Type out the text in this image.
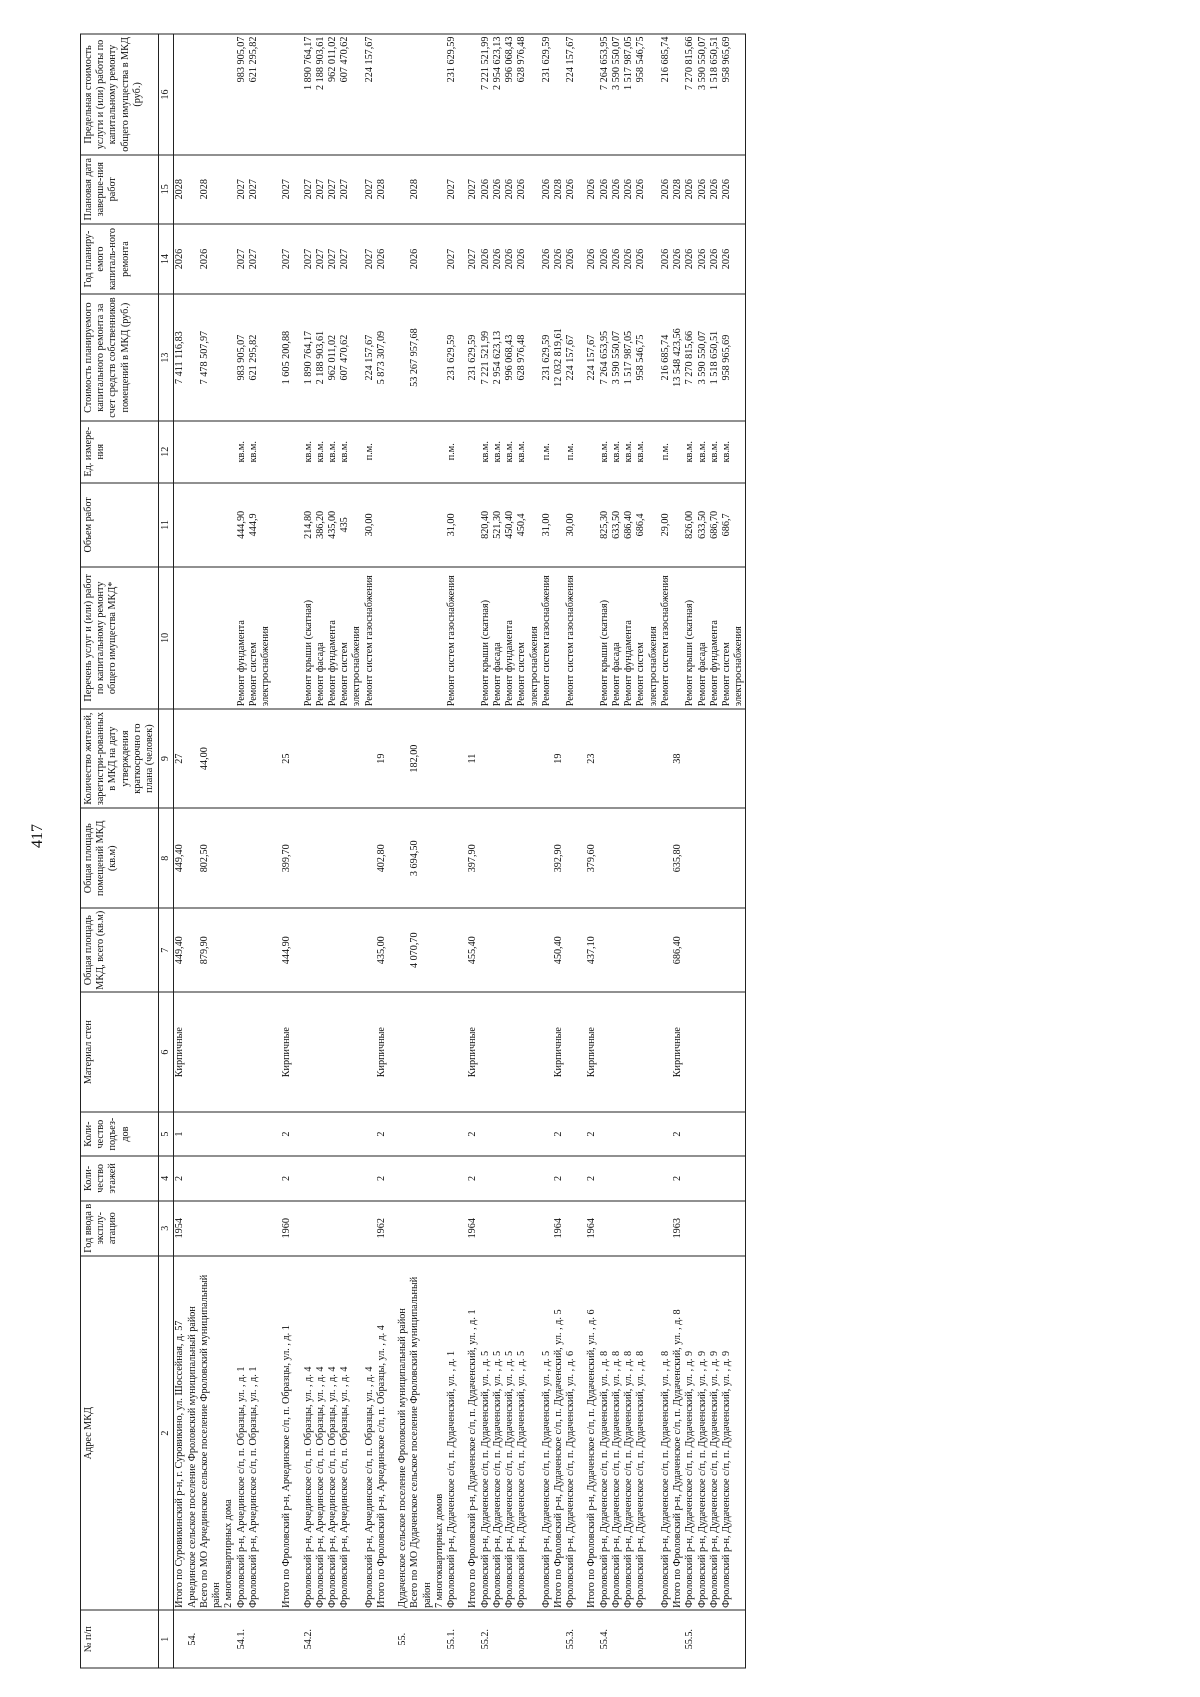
417
№ п/п	Адрес МКД	Год ввода в эксплу-атацию	Коли-чество этажей	Коли-чество подъез-дов	Материал стен	Общая площадь МКД, всего (кв.м)	Общая площадь помещений МКД (кв.м)	Количество жителей, зарегистри-рованных в МКД на дату утверждения краткосрочно го плана (человек)	Перечень услуг и (или) работ по капитальному ремонту общего имущества МКД*	Объем работ	Ед. измере-ния	Стоимость планируемого капитального ремонта за счет средств собственников помещений в МКД (руб.)	Год планиру-емого капиталь-ного ремонта	Плановая дата заверше-ния работ	Предельная стоимость услуги и (или) работы по капитальному ремонту общего имущества в МКД (руб.)
1	2	3	4	5	6	7	8	9	10	11	12	13	14	15	16

	Итого по Суровикинский р-н, г. Суровикино, ул. Шоссейная, д. 57	1954	2	1	Кирпичные	449,40	449,40	27				7 411 116,83	2026	2028	

54.	Арчединское сельское поселение Фроловский муниципальный район														

	Всего по МО Арчединское сельское поселение Фроловский муниципальный район					879,90	802,50	44,00				7 478 507,97	2026	2028	

	2 многоквартирных дома														

54.1.	Фроловский р-н, Арчединское с/п, п. Образцы, ул. , д. 1								Ремонт фундамента	444,90	кв.м.	983 905,07	2027	2027	983 905,07

	Фроловский р-н, Арчединское с/п, п. Образцы, ул. , д. 1								Ремонт систем электроснабжения	444,9	кв.м.	621 295,82	2027	2027	621 295,82

	Итого по Фроловский р-н, Арчединское с/п, п. Образцы, ул. , д. 1	1960	2	2	Кирпичные	444,90	399,70	25				1 605 200,88	2027	2027	

54.2.	Фроловский р-н, Арчединское с/п, п. Образцы, ул. , д. 4								Ремонт крыши (скатная)	214,80	кв.м.	1 890 764,17	2027	2027	1 890 764,17

	Фроловский р-н, Арчединское с/п, п. Образцы, ул. , д. 4								Ремонт фасада	386,20	кв.м.	2 188 903,61	2027	2027	2 188 903,61

	Фроловский р-н, Арчединское с/п, п. Образцы, ул. , д. 4								Ремонт фундамента	435,00	кв.м.	962 011,02	2027	2027	962 011,02

	Фроловский р-н, Арчединское с/п, п. Образцы, ул. , д. 4								Ремонт систем электроснабжения	435	кв.м.	607 470,62	2027	2027	607 470,62

	Фроловский р-н, Арчединское с/п, п. Образцы, ул. , д. 4								Ремонт систем газоснабжения	30,00	п.м.	224 157,67	2027	2027	224 157,67

	Итого по Фроловский р-н, Арчединское с/п, п. Образцы, ул. , д. 4	1962	2	2	Кирпичные	435,00	402,80	19				5 873 307,09	2026	2028	

55.	Дудаченское сельское поселение Фроловский муниципальный район														

	Всего по МО Дудаченское сельское поселение Фроловский муниципальный район					4 070,70	3 694,50	182,00				53 267 957,68	2026	2028	

	7 многоквартирных домов														

55.1.	Фроловский р-н, Дудаченское с/п, п. Дудаченский, ул. , д. 1								Ремонт систем газоснабжения	31,00	п.м.	231 629,59	2027	2027	231 629,59

	Итого по Фроловский р-н, Дудаченское с/п, п. Дудаченский, ул. , д. 1	1964	2	2	Кирпичные	455,40	397,90	11				231 629,59	2027	2027	

55.2.	Фроловский р-н, Дудаченское с/п, п. Дудаченский, ул. , д. 5								Ремонт крыши (скатная)	820,40	кв.м.	7 221 521,99	2026	2026	7 221 521,99

	Фроловский р-н, Дудаченское с/п, п. Дудаченский, ул. , д. 5								Ремонт фасада	521,30	кв.м.	2 954 623,13	2026	2026	2 954 623,13

	Фроловский р-н, Дудаченское с/п, п. Дудаченский, ул. , д. 5								Ремонт фундамента	450,40	кв.м.	996 068,43	2026	2026	996 068,43

	Фроловский р-н, Дудаченское с/п, п. Дудаченский, ул. , д. 5								Ремонт систем электроснабжения	450,4	кв.м.	628 976,48	2026	2026	628 976,48

	Фроловский р-н, Дудаченское с/п, п. Дудаченский, ул. , д. 5								Ремонт систем газоснабжения	31,00	п.м.	231 629,59	2026	2026	231 629,59

	Итого по Фроловский р-н, Дудаченское с/п, п. Дудаченский, ул. , д. 5	1964	2	2	Кирпичные	450,40	392,90	19				12 032 819,61	2026	2028	

55.3.	Фроловский р-н, Дудаченское с/п, п. Дудаченский, ул. , д. 6								Ремонт систем газоснабжения	30,00	п.м.	224 157,67	2026	2026	224 157,67

	Итого по Фроловский р-н, Дудаченское с/п, п. Дудаченский, ул. , д. 6	1964	2	2	Кирпичные	437,10	379,60	23				224 157,67	2026	2026	

55.4.	Фроловский р-н, Дудаченское с/п, п. Дудаченский, ул. , д. 8								Ремонт крыши (скатная)	825,30	кв.м.	7 264 653,95	2026	2026	7 264 653,95

	Фроловский р-н, Дудаченское с/п, п. Дудаченский, ул. , д. 8								Ремонт фасада	633,50	кв.м.	3 590 550,07	2026	2026	3 590 550,07

	Фроловский р-н, Дудаченское с/п, п. Дудаченский, ул. , д. 8								Ремонт фундамента	686,40	кв.м.	1 517 987,05	2026	2026	1 517 987,05

	Фроловский р-н, Дудаченское с/п, п. Дудаченский, ул. , д. 8								Ремонт систем электроснабжения	686,4	кв.м.	958 546,75	2026	2026	958 546,75

	Фроловский р-н, Дудаченское с/п, п. Дудаченский, ул. , д. 8								Ремонт систем газоснабжения	29,00	п.м.	216 685,74	2026	2026	216 685,74

	Итого по Фроловский р-н, Дудаченское с/п, п. Дудаченский, ул. , д. 8	1963	2	2	Кирпичные	686,40	635,80	38				13 548 423,56	2026	2028	

55.5.	Фроловский р-н, Дудаченское с/п, п. Дудаченский, ул. , д. 9								Ремонт крыши (скатная)	826,00	кв.м.	7 270 815,66	2026	2026	7 270 815,66

	Фроловский р-н, Дудаченское с/п, п. Дудаченский, ул. , д. 9								Ремонт фасада	633,50	кв.м.	3 590 550,07	2026	2026	3 590 550,07

	Фроловский р-н, Дудаченское с/п, п. Дудаченский, ул. , д. 9								Ремонт фундамента	686,70	кв.м.	1 518 650,51	2026	2026	1 518 650,51

	Фроловский р-н, Дудаченское с/п, п. Дудаченский, ул. , д. 9								Ремонт систем электроснабжения	686,7	кв.м.	958 965,69	2026	2026	958 965,69
